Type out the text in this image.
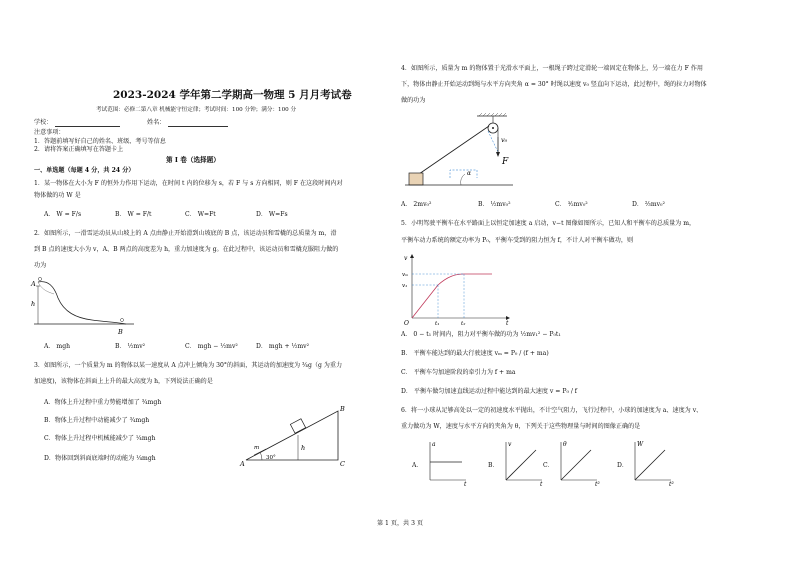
2023-2024 学年第二学期高一物理 5 月月考试卷
考试范围：必修二第八章 机械能守恒定律；考试时间：100 分钟；满分：100 分
学校：	姓名：
注意事项：
1．答题前填写好自己的姓名、班级、考号等信息
2．请将答案正确填写在答题卡上
第 I 卷（选择题）
一、单选题（每题 4 分，共 24 分）
1．某一物体在大小为 F 的恒外力作用下运动，在时间 t 内的位移为 s，若 F 与 s 方向相同，则 F 在这段时间内对
物体做的功 W 是
A． W = F/s	B． W = F/t	C． W=Ft	D． W=Fs
2．如图所示，一滑雪运动员从山坡上的 A 点由静止开始滑到山坡底的 B 点，该运动员和雪橇的总质量为 m，滑
到 B 点的速度大小为 v，A、B 两点的高度差为 h，重力加速度为 g。在此过程中，该运动员和雪橇克服阻力做的
功为
A
h
B
A． mgh	B． ½mv²	C． mgh − ½mv²	D． mgh + ½mv²
3．如图所示，一个质量为 m 的物体以某一速度从 A 点冲上倾角为 30°的斜面，其运动的加速度为 ¾g（g 为重力
加速度)，该物体在斜面上上升的最大高度为 h，下列说法正确的是
A．物体上升过程中重力势能增加了 ¾mgh
B．物体上升过程中动能减少了 ¾mgh
C．物体上升过程中机械能减少了 ¼mgh
D．物体回到斜面底端时的动能为 ¼mgh
A
B
C
m
30°
h
4．如图所示，质量为 m 的物体置于光滑水平面上，一根绳子跨过定滑轮一端固定在物体上，另一端在力 F 作用
下，物体由静止开始运动到绳与水平方向夹角 α = 30° 时绳以速度 v₀ 竖直向下运动，此过程中，绳的拉力对物体
做的功为
v₀
F
α
A． 2mv₀²	B． ½mv₀²	C． ³⁄₂mv₀²	D． ⅔mv₀²
5．小明驾驶平衡车在水平路面上以恒定加速度 a 启动，v−t 图像如图所示，已知人和平衡车的总质量为 m，
平衡车动力系统的额定功率为 P₀，平衡车受到的阻力恒为 f，不计人对平衡车做功，则
v
vₘ
v₁
O	t₁	t₂	t
A． 0 − t₁ 时间内，阻力对平衡车做的功为 ½mv₁² − P₀t₁
B． 平衡车能达到的最大行驶速度 vₘ = P₀ / (f + ma)
C． 平衡车匀加速阶段的牵引力为 f + ma
D． 平衡车做匀加速直线运动过程中能达到的最大速度 v = P₀ / f
6．将一小球从足够高处以一定的初速度水平抛出，不计空气阻力，飞行过程中，小球的加速度为 a、速度为 v、
重力做功为 W，速度与水平方向的夹角为 θ，下列关于这些物理量与时间的图像正确的是
A．
a
t
B．
v
t
C．
θ
t²
D．
W
t²
第 1 页，共 3 页
